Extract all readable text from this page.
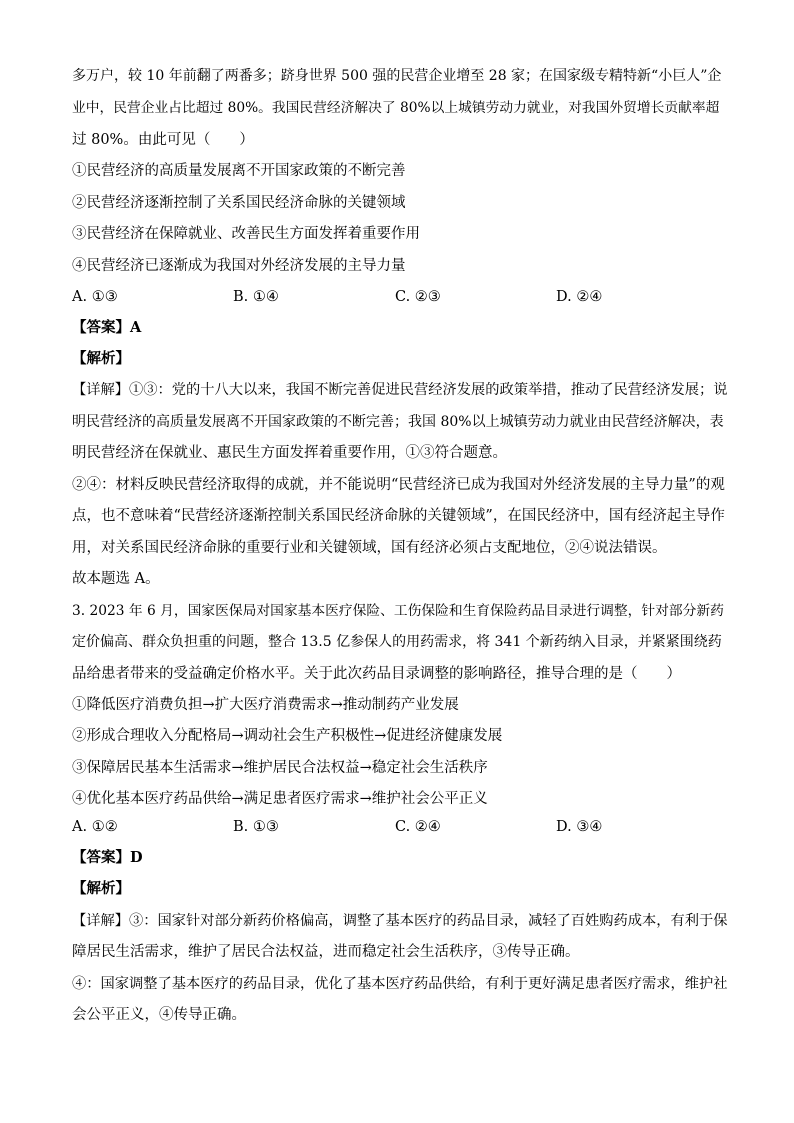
多万户，较 10 年前翻了两番多；跻身世界 500 强的民营企业增至 28 家；在国家级专精特新“小巨人”企
业中，民营企业占比超过 80%。我国民营经济解决了 80%以上城镇劳动力就业，对我国外贸增长贡献率超
过 80%。由此可见（　　）
①民营经济的高质量发展离不开国家政策的不断完善
②民营经济逐渐控制了关系国民经济命脉的关键领域
③民营经济在保障就业、改善民生方面发挥着重要作用
④民营经济已逐渐成为我国对外经济发展的主导力量
A. ①③	B. ①④	C. ②③	D. ②④
【答案】A
【解析】
【详解】①③：党的十八大以来，我国不断完善促进民营经济发展的政策举措，推动了民营经济发展；说
明民营经济的高质量发展离不开国家政策的不断完善；我国 80%以上城镇劳动力就业由民营经济解决，表
明民营经济在保就业、惠民生方面发挥着重要作用，①③符合题意。
②④：材料反映民营经济取得的成就，并不能说明“民营经济已成为我国对外经济发展的主导力量”的观
点，也不意味着“民营经济逐渐控制关系国民经济命脉的关键领域”，在国民经济中，国有经济起主导作
用，对关系国民经济命脉的重要行业和关键领域，国有经济必须占支配地位，②④说法错误。
故本题选 A。
3. 2023 年 6 月，国家医保局对国家基本医疗保险、工伤保险和生育保险药品目录进行调整，针对部分新药
定价偏高、群众负担重的问题，整合 13.5 亿参保人的用药需求，将 341 个新药纳入目录，并紧紧围绕药
品给患者带来的受益确定价格水平。关于此次药品目录调整的影响路径，推导合理的是（　　）
①降低医疗消费负担→扩大医疗消费需求→推动制药产业发展
②形成合理收入分配格局→调动社会生产积极性→促进经济健康发展
③保障居民基本生活需求→维护居民合法权益→稳定社会生活秩序
④优化基本医疗药品供给→满足患者医疗需求→维护社会公平正义
A. ①②	B. ①③	C. ②④	D. ③④
【答案】D
【解析】
【详解】③：国家针对部分新药价格偏高，调整了基本医疗的药品目录，减轻了百姓购药成本，有利于保
障居民生活需求，维护了居民合法权益，进而稳定社会生活秩序，③传导正确。
④：国家调整了基本医疗的药品目录，优化了基本医疗药品供给，有利于更好满足患者医疗需求，维护社
会公平正义，④传导正确。
